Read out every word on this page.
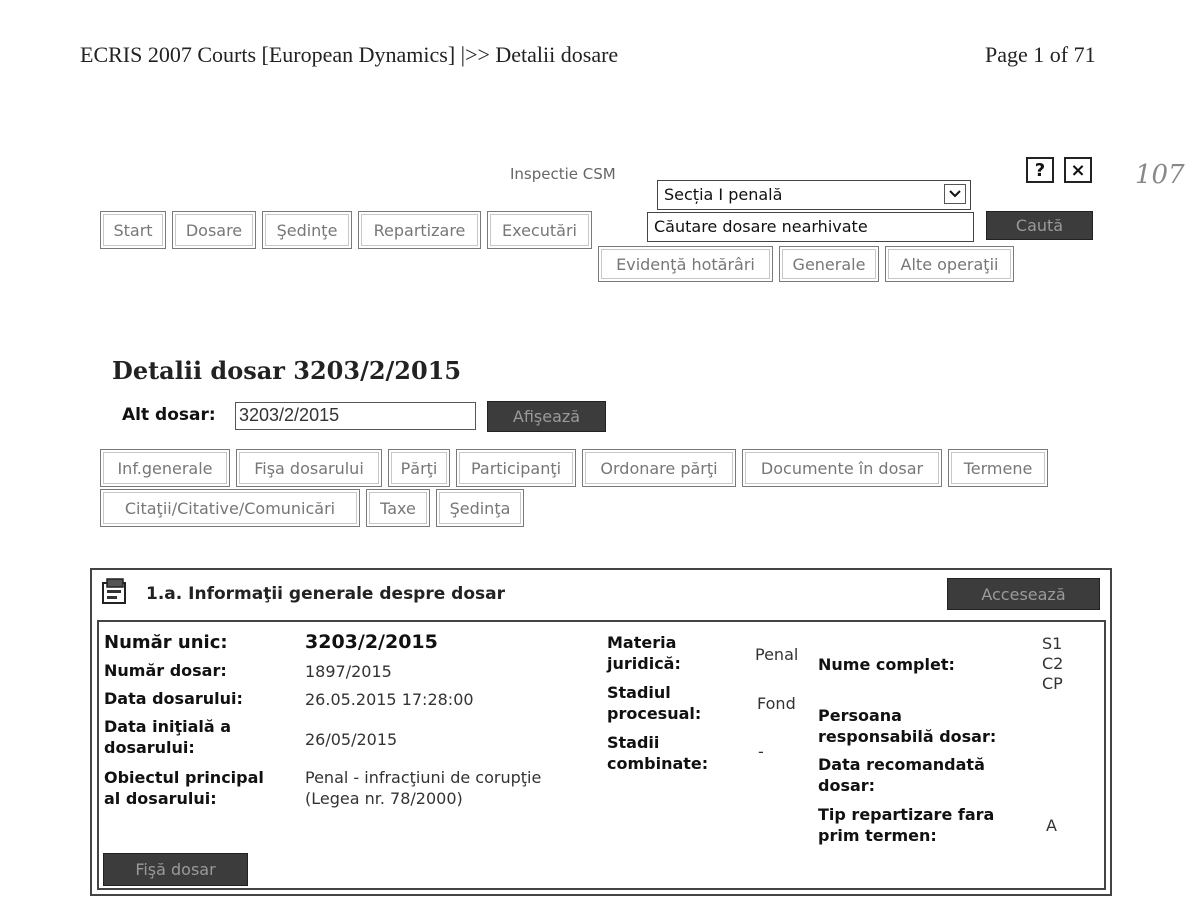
ECRIS 2007 Courts [European Dynamics] |>> Detalii dosare	Page 1 of 71
107
Inspectie CSM
Secția I penală
Căutare dosare nearhivate	Caută
?	×
Start	Dosare	Şedinţe	Repartizare	Executări
Evidenţă hotărâri	Generale	Alte operaţii
Detalii dosar 3203/2/2015
Alt dosar: 3203/2/2015	Afişează
Inf.generale	Fişa dosarului	Părţi	Participanţi	Ordonare părţi	Documente în dosar	Termene
Citaţii/Citative/Comunicări	Taxe	Şedinţa
1.a. Informaţii generale despre dosar	Accesează
Număr unic:	3203/2/2015
Număr dosar:	1897/2015
Data dosarului:	26.05.2015 17:28:00
Data iniţială a
dosarului:	26/05/2015
Obiectul principal
al dosarului:
Penal - infracţiuni de corupţie
(Legea nr. 78/2000)
Materia
juridică:	Penal
Stadiul
procesual:
Fond
Stadii
combinate:
-
Nume complet:
S1
C2
CP
Persoana
responsabilă dosar:
Data recomandată
dosar:
Tip repartizare fara
prim termen:
A
Fişă dosar
